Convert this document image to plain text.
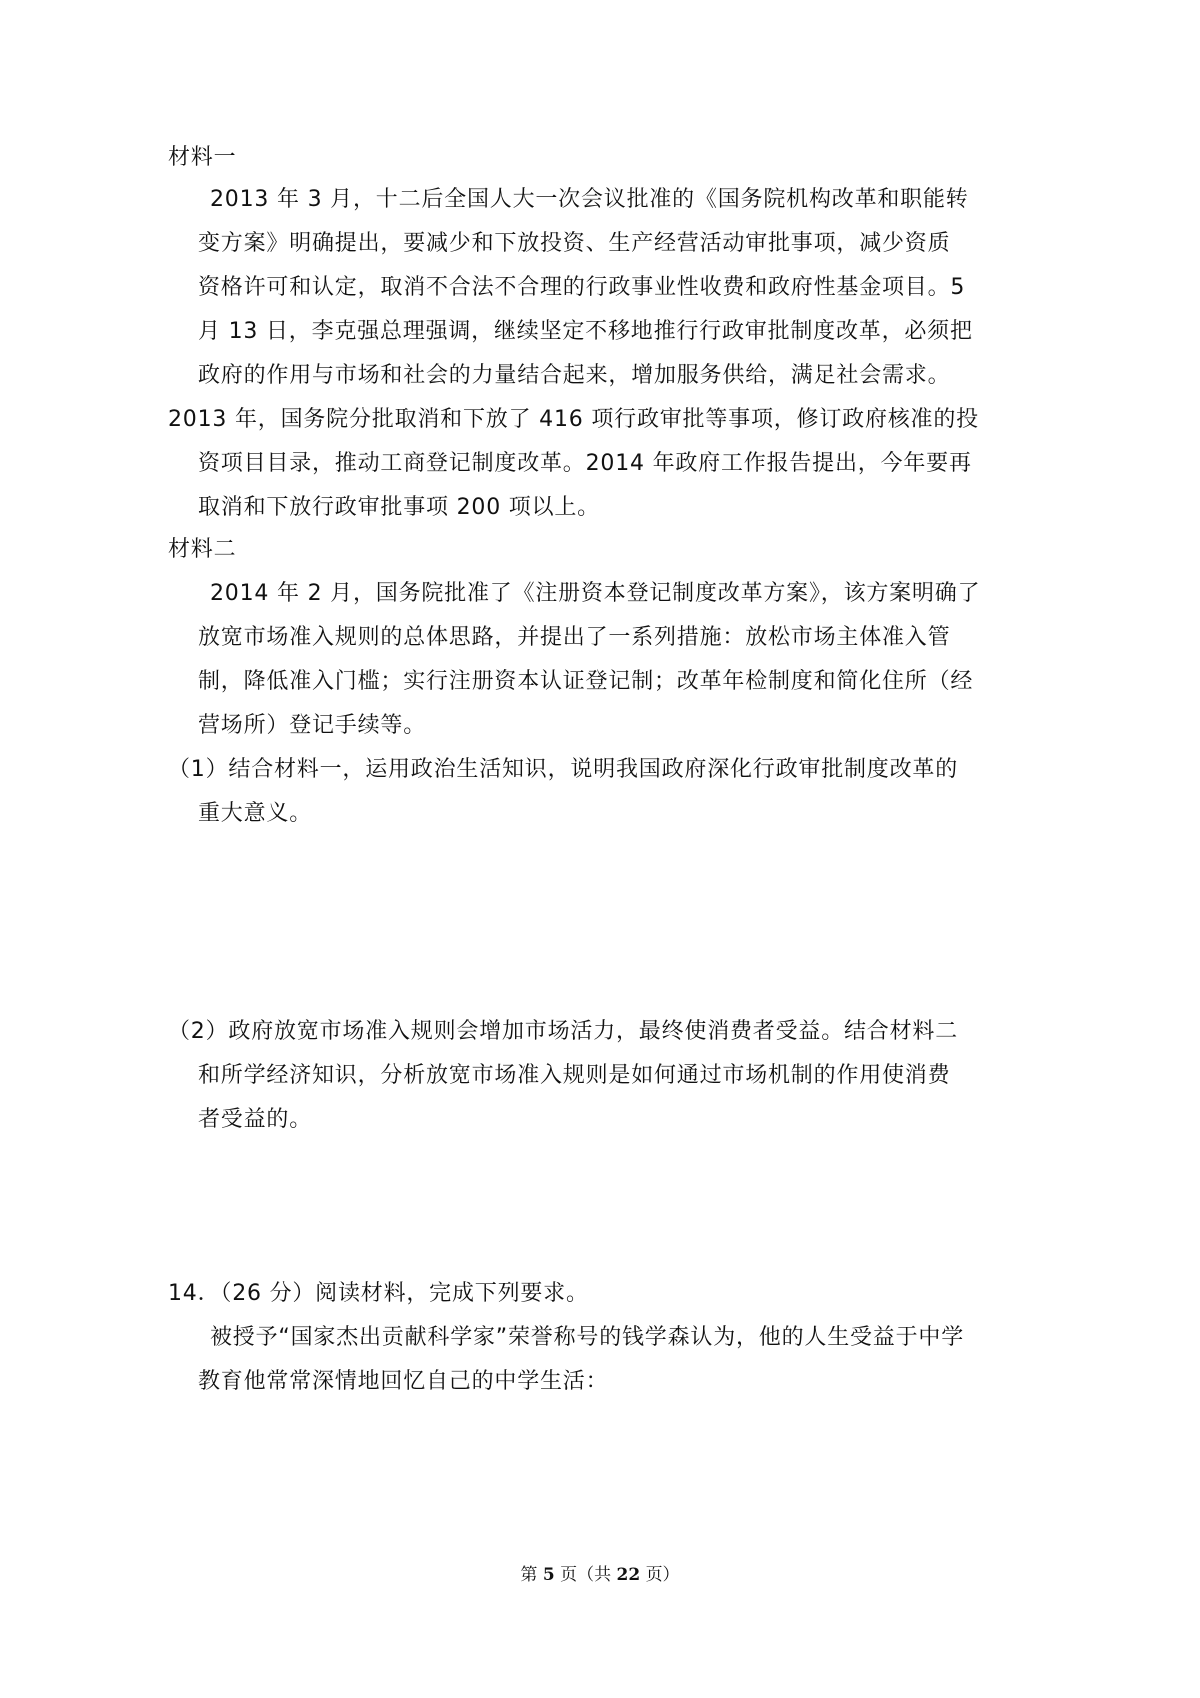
材料一
2013 年 3 月，十二后全国人大一次会议批准的《国务院机构改革和职能转
变方案》明确提出，要减少和下放投资、生产经营活动审批事项，减少资质
资格许可和认定，取消不合法不合理的行政事业性收费和政府性基金项目。5
月 13 日，李克强总理强调，继续坚定不移地推行行政审批制度改革，必须把
政府的作用与市场和社会的力量结合起来，增加服务供给，满足社会需求。
2013 年，国务院分批取消和下放了 416 项行政审批等事项，修订政府核准的投
资项目目录，推动工商登记制度改革。2014 年政府工作报告提出，今年要再
取消和下放行政审批事项 200 项以上。
材料二
2014 年 2 月，国务院批准了《注册资本登记制度改革方案》，该方案明确了
放宽市场准入规则的总体思路，并提出了一系列措施：放松市场主体准入管
制，降低准入门槛；实行注册资本认证登记制；改革年检制度和简化住所（经
营场所）登记手续等。
（1）结合材料一，运用政治生活知识，说明我国政府深化行政审批制度改革的
重大意义。
（2）政府放宽市场准入规则会增加市场活力，最终使消费者受益。结合材料二
和所学经济知识，分析放宽市场准入规则是如何通过市场机制的作用使消费
者受益的。
14．（26 分）阅读材料，完成下列要求。
被授予“国家杰出贡献科学家”荣誉称号的钱学森认为，他的人生受益于中学
教育他常常深情地回忆自己的中学生活：
第 5 页（共 22 页）
